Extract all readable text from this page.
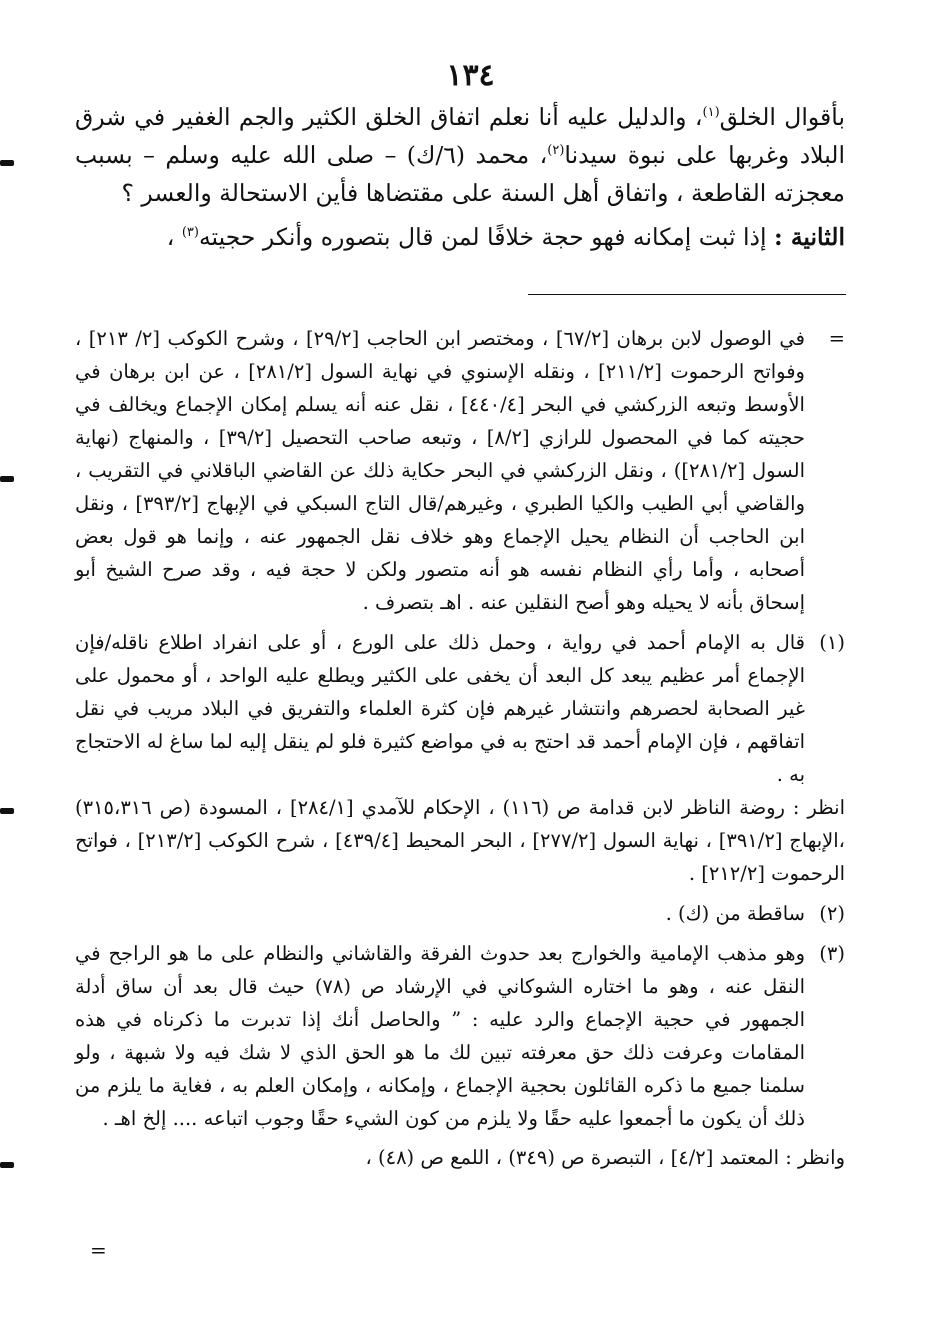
١٣٤

بأقوال الخلق$^{(١)}$، والدليل عليه أنا نعلم اتفاق الخلق الكثير والجم الغفير في شرق البلاد وغربها على نبوة سيدنا$^{(٢)}$، محمد (٦/ك) – صلى الله عليه وسلم – بسبب معجزته القاطعة ، واتفاق أهل السنة على مقتضاها فأين الاستحالة والعسر ؟

الثانية : إذا ثبت إمكانه فهو حجة خلافًا لمن قال بتصوره وأنكر حجيته$^{(٣)}$ ،

=

في الوصول لابن برهان [٦٧/٢] ، ومختصر ابن الحاجب [٢٩/٢] ، وشرح الكوكب [٢/ ٢١٣] ، وفواتح الرحموت [٢١١/٢] ، ونقله الإسنوي في نهاية السول [٢٨١/٢] ، عن ابن برهان في الأوسط وتبعه الزركشي في البحر [٤٤٠/٤] ، نقل عنه أنه يسلم إمكان الإجماع ويخالف في حجيته كما في المحصول للرازي [٨/٢] ، وتبعه صاحب التحصيل [٣٩/٢] ، والمنهاج (نهاية السول [٢٨١/٢]) ، ونقل الزركشي في البحر حكاية ذلك عن القاضي الباقلاني في التقريب ، والقاضي أبي الطيب والكيا الطبري ، وغيرهم/قال التاج السبكي في الإبهاج [٣٩٣/٢] ، ونقل ابن الحاجب أن النظام يحيل الإجماع وهو خلاف نقل الجمهور عنه ، وإنما هو قول بعض أصحابه ، وأما رأي النظام نفسه هو أنه متصور ولكن لا حجة فيه ، وقد صرح الشيخ أبو إسحاق بأنه لا يحيله وهو أصح النقلين عنه . اهـ بتصرف .

(١)

قال به الإمام أحمد في رواية ، وحمل ذلك على الورع ، أو على انفراد اطلاع ناقله/فإن الإجماع أمر عظيم يبعد كل البعد أن يخفى على الكثير ويطلع عليه الواحد ، أو محمول على غير الصحابة لحصرهم وانتشار غيرهم فإن كثرة العلماء والتفريق في البلاد مريب في نقل اتفاقهم ، فإن الإمام أحمد قد احتج به في مواضع كثيرة فلو لم ينقل إليه لما ساغ له الاحتجاج به .

انظر : روضة الناظر لابن قدامة ص (١١٦) ، الإحكام للآمدي [٢٨٤/١] ، المسودة (ص ٣١٥،٣١٦) ،الإبهاج [٣٩١/٢] ، نهاية السول [٢٧٧/٢] ، البحر المحيط [٤٣٩/٤] ، شرح الكوكب [٢١٣/٢] ، فواتح الرحموت [٢١٢/٢] .

(٢)

ساقطة من (ك) .

(٣)

وهو مذهب الإمامية والخوارج بعد حدوث الفرقة والقاشاني والنظام على ما هو الراجح في النقل عنه ، وهو ما اختاره الشوكاني في الإرشاد ص (٧٨) حيث قال بعد أن ساق أدلة الجمهور في حجية الإجماع والرد عليه : ” والحاصل أنك إذا تدبرت ما ذكرناه في هذه المقامات وعرفت ذلك حق معرفته تبين لك ما هو الحق الذي لا شك فيه ولا شبهة ، ولو سلمنا جميع ما ذكره القائلون بحجية الإجماع ، وإمكانه ، وإمكان العلم به ، فغاية ما يلزم من ذلك أن يكون ما أجمعوا عليه حقًا ولا يلزم من كون الشيء حقًا وجوب اتباعه .... إلخ اهـ .

وانظر : المعتمد [٤/٢] ، التبصرة ص (٣٤٩) ، اللمع ص (٤٨) ،

=
